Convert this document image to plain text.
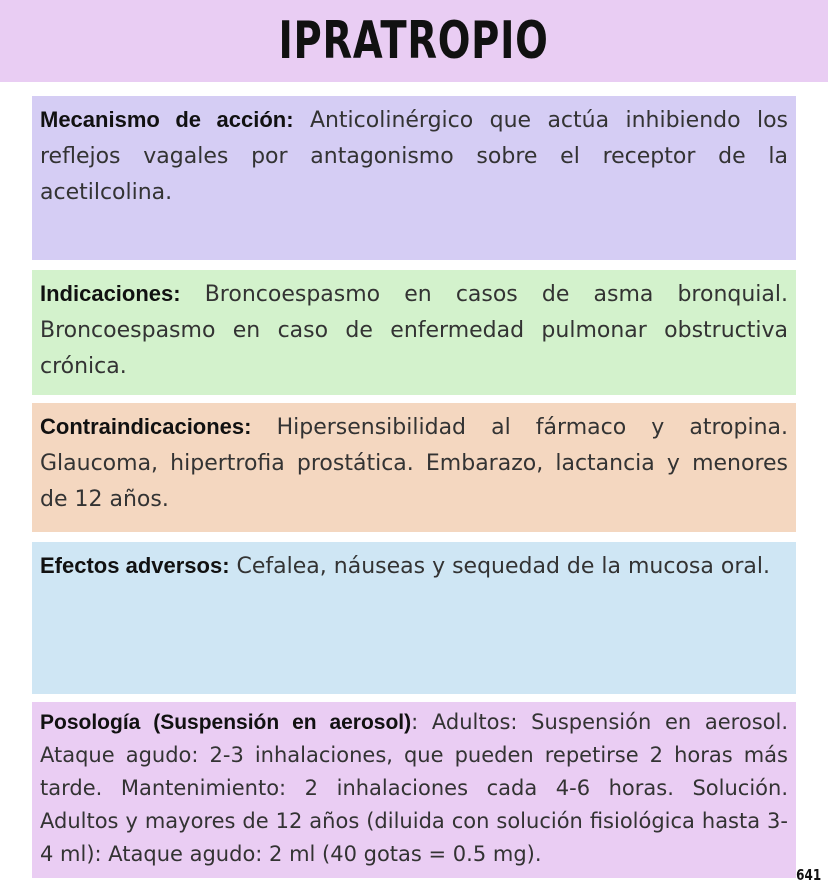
IPRATROPIO
Mecanismo de acción: Anticolinérgico que actúa inhibiendo los reflejos vagales por antagonismo sobre el receptor de la acetilcolina.
Indicaciones: Broncoespasmo en casos de asma bronquial. Broncoespasmo en caso de enfermedad pulmonar obstructiva crónica.
Contraindicaciones: Hipersensibilidad al fármaco y atropina. Glaucoma, hipertrofia prostática. Embarazo, lactancia y menores de 12 años.
Efectos adversos: Cefalea, náuseas y sequedad de la mucosa oral.
Posología (Suspensión en aerosol): Adultos: Suspensión en aerosol. Ataque agudo: 2-3 inhalaciones, que pueden repetirse 2 horas más tarde. Mantenimiento: 2 inhalaciones cada 4-6 horas. Solución. Adultos y mayores de 12 años (diluida con solución fisiológica hasta 3-4 ml): Ataque agudo: 2 ml (40 gotas = 0.5 mg).
641
